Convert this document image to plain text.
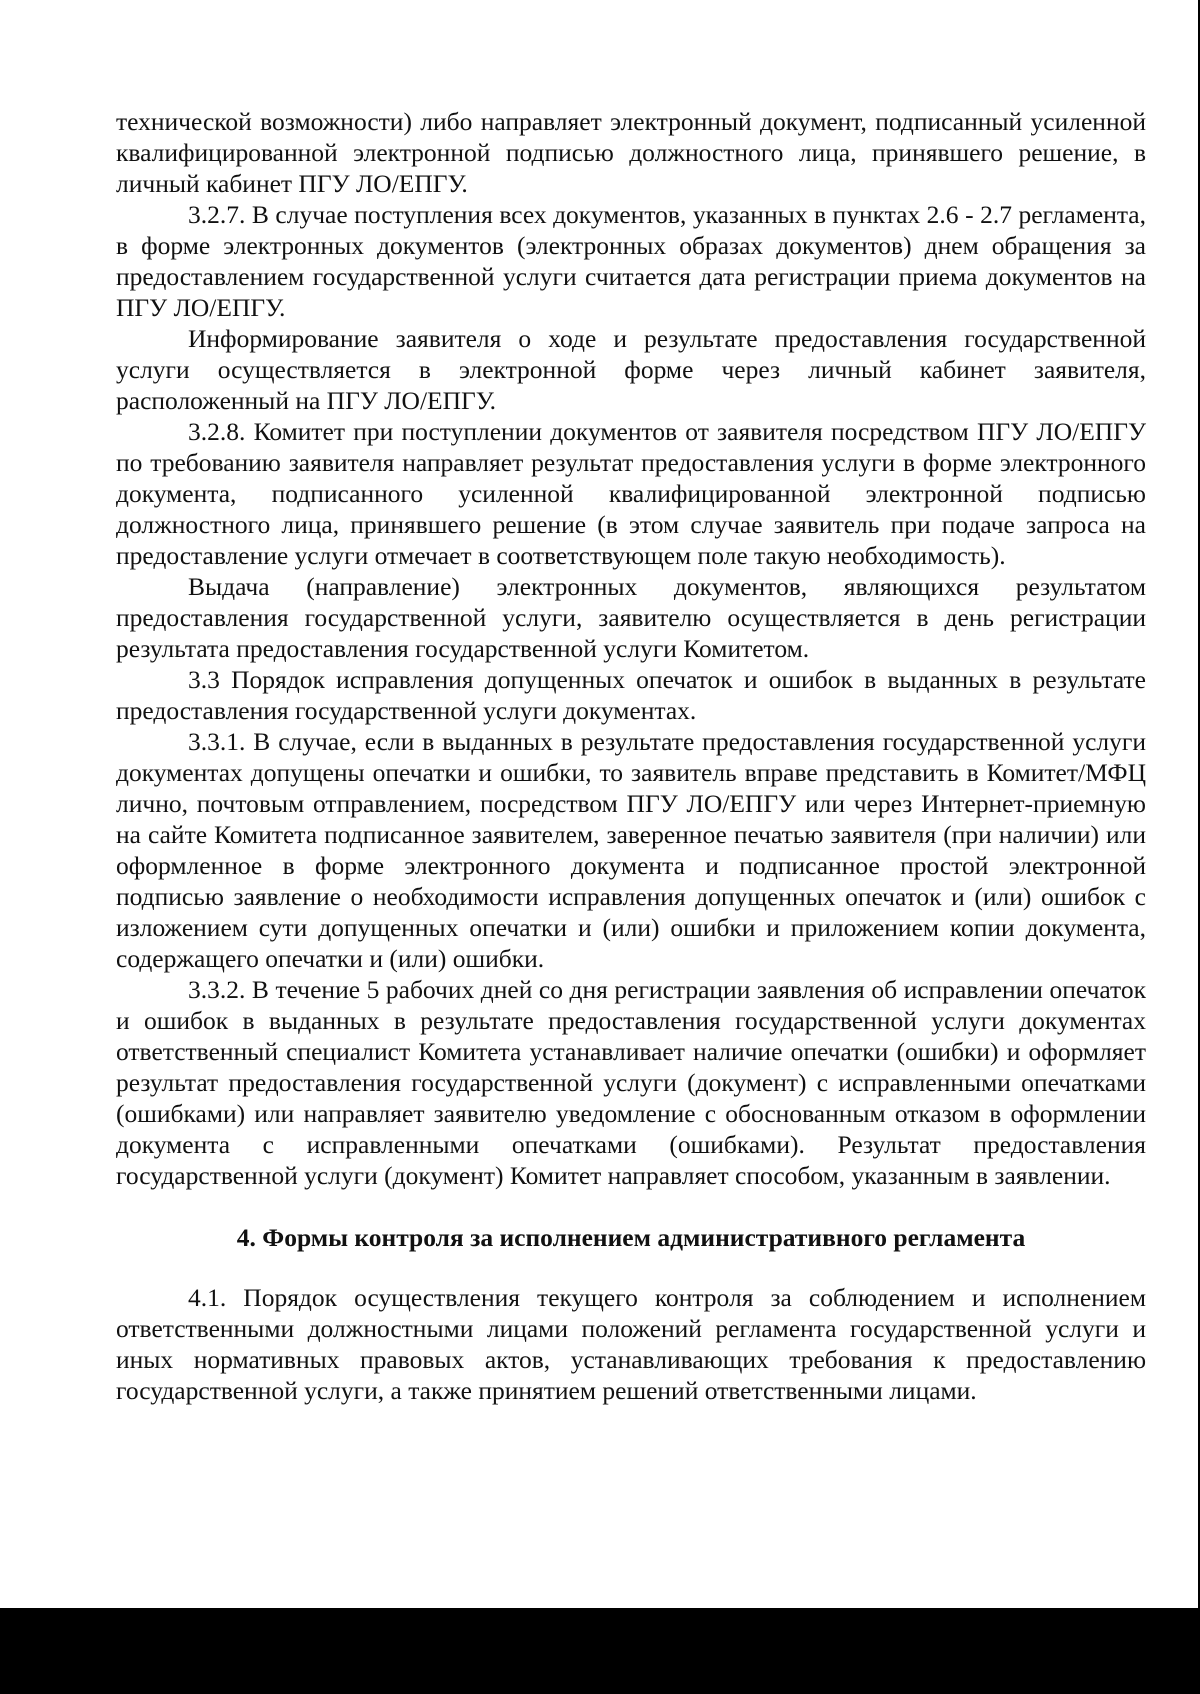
технической возможности) либо направляет электронный документ, подписанный усиленной квалифицированной электронной подписью должностного лица, принявшего решение, в личный кабинет ПГУ ЛО/ЕПГУ.

3.2.7. В случае поступления всех документов, указанных в пунктах 2.6 - 2.7 регламента, в форме электронных документов (электронных образах документов) днем обращения за предоставлением государственной услуги считается дата регистрации приема документов на ПГУ ЛО/ЕПГУ.

Информирование заявителя о ходе и результате предоставления государственной услуги осуществляется в электронной форме через личный кабинет заявителя, расположенный на ПГУ ЛО/ЕПГУ.

3.2.8. Комитет при поступлении документов от заявителя посредством ПГУ ЛО/ЕПГУ по требованию заявителя направляет результат предоставления услуги в форме электронного документа, подписанного усиленной квалифицированной электронной подписью должностного лица, принявшего решение (в этом случае заявитель при подаче запроса на предоставление услуги отмечает в соответствующем поле такую необходимость).

Выдача (направление) электронных документов, являющихся результатом предоставления государственной услуги, заявителю осуществляется в день регистрации результата предоставления государственной услуги Комитетом.

3.3 Порядок исправления допущенных опечаток и ошибок в выданных в результате предоставления государственной услуги документах.

3.3.1. В случае, если в выданных в результате предоставления государственной услуги документах допущены опечатки и ошибки, то заявитель вправе представить в Комитет/МФЦ лично, почтовым отправлением, посредством ПГУ ЛО/ЕПГУ или через Интернет-приемную на сайте Комитета подписанное заявителем, заверенное печатью заявителя (при наличии) или оформленное в форме электронного документа и подписанное простой электронной подписью заявление о необходимости исправления допущенных опечаток и (или) ошибок с изложением сути допущенных опечатки и (или) ошибки и приложением копии документа, содержащего опечатки и (или) ошибки.

3.3.2. В течение 5 рабочих дней со дня регистрации заявления об исправлении опечаток и ошибок в выданных в результате предоставления государственной услуги документах ответственный специалист Комитета устанавливает наличие опечатки (ошибки) и оформляет результат предоставления государственной услуги (документ) с исправленными опечатками (ошибками) или направляет заявителю уведомление с обоснованным отказом в оформлении документа с исправленными опечатками (ошибками). Результат предоставления государственной услуги (документ) Комитет направляет способом, указанным в заявлении.

4. Формы контроля за исполнением административного регламента

4.1. Порядок осуществления текущего контроля за соблюдением и исполнением ответственными должностными лицами положений регламента государственной услуги и иных нормативных правовых актов, устанавливающих требования к предоставлению государственной услуги, а также принятием решений ответственными лицами.
